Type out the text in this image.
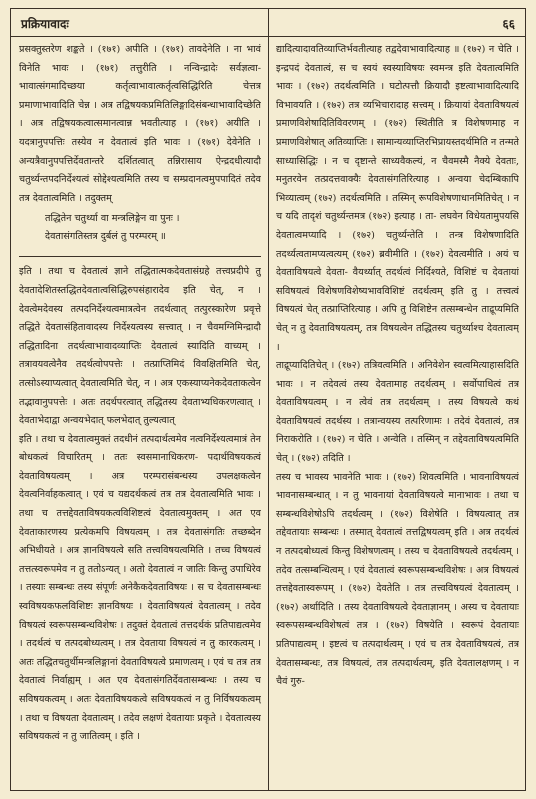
प्रक्रियावादः	६६

प्रसक्तुस्तरेण शङ्कते । (१७१) अपीति । (१७१) तावदेनेति । ना भावं विनेति भावः । (१७१) तत्तुरीति । नन्विन्द्रादेः सर्वज्ञत्वा- भावात्संगमादिच्छया कर्तृत्वाभावात्कर्तृत्वसिद्धिरिति चेत्तत्र प्रमाणाभावादिति चेन्न । अत्र तद्विषयकप्रमितिलिङ्गादिसंबन्धाभावादिच्छेति । अत्र तद्विषयकत्वात्समानत्वान्न भवतीत्याह । (१७१) अयीति । यदत्रानुपपत्तिः तस्येव न देवतात्वं इति भावः । (१७१) देवेनेति । अन्यत्रैवानुपपत्तिर्देवतान्तरे दर्शितत्वात् तन्निरासाय ऐन्द्रदधीत्यादौ चतुर्थ्यन्तपदनिर्देश्यत्वं सोद्देश्यत्वमिति तस्य च सम्प्रदानत्वमुपपादितं तदेव तत्र देवतात्वमिति । तदुक्तम्

तद्धितेन चतुर्थ्या वा मन्त्रलिङ्गेन वा पुनः ।

देवतासंगतिस्तत्र दुर्बलं तु परम्परम् ॥

इति । तथा च देवतात्वं ज्ञाने तद्धितात्मकदेवतासंग्रहे तत्त्वप्रदीपे तु देवतादेशितस्तद्धितदेवतात्वसिद्धिरुपसंहारादेव इति चेत्, न । देवत्वेमदेवस्य तत्पदनिर्देश्यत्वमात्रत्वेन तदर्थत्वात् तत्पुरस्कारेण प्रवृत्ते तद्धिते देवतासंहितावादस्य निर्देश्यत्वस्य सत्त्वात् । न चैवमग्निमिन्द्रादौ तद्धितादिना तदर्थत्वाभावादव्याप्तिः देवतात्वं स्यादिति वाच्यम् । तत्रावयवत्वेनैव तदर्थत्वोपपत्तेः । तत्प्राप्तिमिदं विवक्षितमिति चेत्, तत्सोऽस्याप्यत्वात् देवतात्वमिति चेत्, न । अत्र एकस्याप्यनेकदेवताकत्वेन तद्भावानुपपत्तेः । अतः तदर्थपरत्वात् तद्धितस्य देवताभ्यधिकरणत्वात् । देवताभेदाद्वा अन्वयभेदात् फलभेदात् तुल्यत्वात्

इति । तथा च देवतात्वमुक्तं तदधीनं तत्पदार्थत्वमेव नत्वनिर्देश्यत्वमात्रं तेन बोधकत्वं विचारितम् । ततः स्वसमानाधिकरण- पदार्थविषयकत्वं देवताविषयत्वम् । अत्र परम्परासंबन्धस्य उपलक्षकत्वेन देवत्वनिर्वाहकत्वात् । एवं च यद्यदर्थकत्वं तत्र तत्र देवतात्वमिति भावः । तथा च तत्तद्देवताविषयकत्वविशिष्टत्वं देवतात्वमुक्तम् । अत एव देवताकारणस्य प्रत्येकमपि विषयत्वम् । तत्र देवतासंगतिः तच्छब्देन अभिधीयते । अत्र ज्ञानविषयत्वे सति तत्त्वविषयत्वमिति । तच्च विषयत्वं तत्तत्स्वरूपमेव न तु ततोऽन्यत् । अतो देवतात्वं न जातिः किन्तु उपाधिरेव । तस्याः सम्बन्धः तस्य संपूर्णः अनेकैकदेवताविषयः । स च देवतासम्बन्धः स्वविषयकफलविशिष्टः ज्ञानविषयः । देवताविषयत्वं देवतात्वम् । तदेव विषयत्वं स्वरूपसम्बन्धविशेषः । तदुक्तं देवतात्वं तत्तदर्थकं प्रतिपाद्यत्वमेव । तदर्थत्वं च तत्पदबोध्यत्वम् । तत्र देवताया विषयत्वं न तु कारकत्वम् । अतः तद्धितचतुर्थीमन्त्रलिङ्गानां देवताविषयत्वे प्रमाणत्वम् । एवं च तत्र तत्र देवतात्वं निर्वाह्यम् । अत एव देवतासंगतिर्देवतासम्बन्धः । तस्य च सविषयकत्वम् । अतः देवताविषयकत्वे सविषयकत्वं न तु निर्विषयकत्वम् । तथा च विषयता देवतात्वम् । तदेव लक्षणं देवतायाः प्रकृते । देवतात्वस्य सविषयकत्वं न तु जातित्वम् । इति ।

द्यादित्यादावतिव्याप्तिर्भवतीत्याह तद्वदेवाभावादित्याह ॥ (१७२) न चेति । इन्द्रपदं देवतात्वं, स च स्वयं स्वस्याविषयः स्वमन्त्र इति देवतात्वमिति भावः । (१७२) तदर्थत्वमिति । घटोत्पत्तौ क्रियादौ इष्टत्वाभावादित्यादि विभावयति । (१७२) तत्र व्यभिचारादाह सत्त्वम् । क्रियायां देवताविषयत्वं प्रमाणविशेषादितिविवरणम् । (१७२) स्थितीति त्र विशेषणमाह न प्रमाणविशेषात् अतिव्याप्तिः । सामान्यव्याप्तिरभिप्रायस्तदर्थमिति न तन्मते साध्यासिद्धिः । न च दृष्टान्ते साध्यवैकल्यं, न चैवमस्मै नैक्ये देवताः, मनुतरवेन तत्प्रदत्तवाक्यैः देवतासंगतिरित्याह । अन्वया चेदम्बिकापि भिव्यात्वम् (१७२) तदर्थत्वमिति । तस्मिन् रूपविशेषणाधानमितिचेत् । न च यदि तादृशं चतुर्थ्यन्तमत्र (१७२) इत्याह । ता- लघवेन विधेयतामुपयसि देवतात्वमप्यादि । (१७२) चतुर्थ्यन्तेति । तन्त्र विशेषणादिति तदर्थ्यत्वतामप्यत्वत्यम् (१७२) ब्रवीमीति । (१७२) देवत्वमीति । अयं च देवताविषयत्वे देवता- वैयर्थ्यात् तदर्थत्वं निर्दिश्यते, विशिष्टं च देवतायां सविषयत्वं विशेषणविशेष्यभावविशिष्टं तदर्थत्वम् इति तु । तत्त्वत्वं विषयत्वं चेत् तत्प्राप्तिरित्याह । अपि तु विशिष्टेन तत्सम्बन्धेन ताद्रूप्यमिति चेत् न तु देवताविषयत्वम्, तत्र विषयत्वेन तद्धितस्य चतुर्थ्याश्च देवतात्वम् ।

ताद्रूप्यादितिचेत् । (१७२) तत्रिवत्वमिति । अनिवेशेन स्वत्वमित्याहासदिति भावः । न तदेवत्वं तस्य देवतामाह तदर्थत्वम् । सर्वोपाधित्वं तत्र देवताविषयत्वम् । न त्वेवं तत्र तदर्थत्वम् । तस्य विषयत्वे कथं देवताविषयत्वं तदर्थस्य । तत्रान्वयस्य तत्परिणामः । तदेवं देवतात्वं, तत्र निराकरोति । (१७२) न चेति । अन्वेति । तस्मिन् न तद्देवताविषयत्वमिति चेत् । (१७२) तदिति ।

तस्य च भावस्य भावनेति भावः । (१७२) शिवत्वमिति । भावनाविषयत्वं भावनासम्बन्धात् । न तु भावनायां देवताविषयत्वे मानाभावः । तथा च सम्बन्धविशेषोऽपि तदर्थत्वम् । (१७२) विशेषेति । विषयत्वात् तत्र तद्देवतायाः सम्बन्धः । तस्मात् देवतात्वं तत्तद्विषयत्वम् इति । अत्र तदर्थत्वं न तत्पदबोध्यत्वं किन्तु विशेषणत्वम् । तस्य च देवताविषयत्वे तदर्थत्वम् । तदेव तत्सम्बन्धित्वम् । एवं देवतात्वं स्वरूपसम्बन्धविशेषः । अत्र विषयत्वं तत्तद्देवतास्वरूपम् । (१७२) देवतेति । तत्र तत्त्वविषयत्वं देवतात्वम् । (१७२) अर्थादिति । तस्य देवताविषयत्वे देवताज्ञानम् । अस्य च देवतायाः स्वरूपसम्बन्धविशेषत्वं तत्र । (१७२) विषयेति । स्वरूपं देवतायाः प्रतिपाद्यत्वम् । इष्टत्वं च तत्पदार्थत्वम् । एवं च तत्र देवताविषयत्वं, तत्र देवतासम्बन्धः, तत्र विषयत्वं, तत्र तत्पदार्थत्वम्, इति देवतालक्षणम् । न चैवं गुरु-
